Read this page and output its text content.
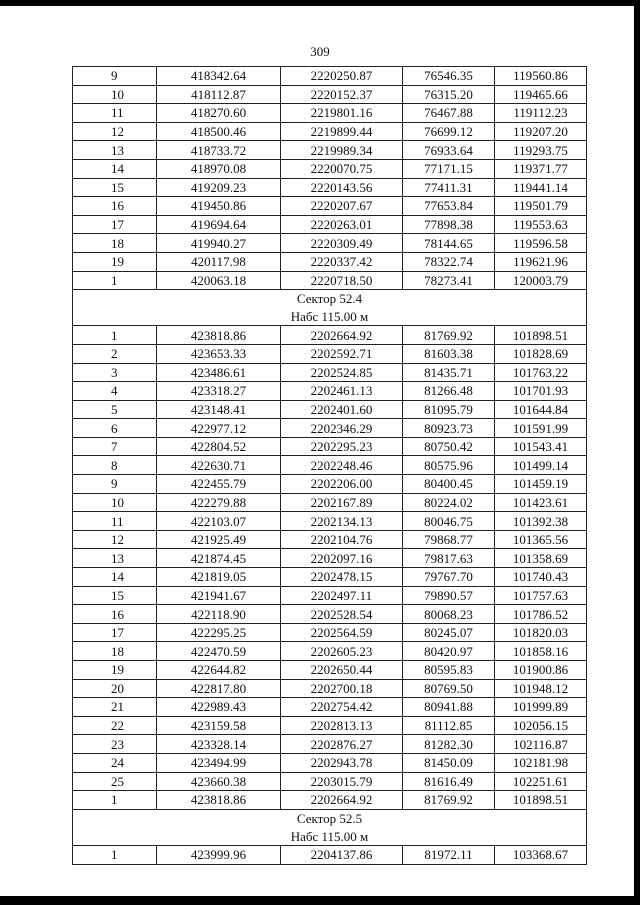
309
9	418342.64	2220250.87	76546.35	119560.86
10	418112.87	2220152.37	76315.20	119465.66
11	418270.60	2219801.16	76467.88	119112.23
12	418500.46	2219899.44	76699.12	119207.20
13	418733.72	2219989.34	76933.64	119293.75
14	418970.08	2220070.75	77171.15	119371.77
15	419209.23	2220143.56	77411.31	119441.14
16	419450.86	2220207.67	77653.84	119501.79
17	419694.64	2220263.01	77898.38	119553.63
18	419940.27	2220309.49	78144.65	119596.58
19	420117.98	2220337.42	78322.74	119621.96
1	420063.18	2220718.50	78273.41	120003.79
Сектор 52.4				
Набс 115.00 м				
1	423818.86	2202664.92	81769.92	101898.51
2	423653.33	2202592.71	81603.38	101828.69
3	423486.61	2202524.85	81435.71	101763.22
4	423318.27	2202461.13	81266.48	101701.93
5	423148.41	2202401.60	81095.79	101644.84
6	422977.12	2202346.29	80923.73	101591.99
7	422804.52	2202295.23	80750.42	101543.41
8	422630.71	2202248.46	80575.96	101499.14
9	422455.79	2202206.00	80400.45	101459.19
10	422279.88	2202167.89	80224.02	101423.61
11	422103.07	2202134.13	80046.75	101392.38
12	421925.49	2202104.76	79868.77	101365.56
13	421874.45	2202097.16	79817.63	101358.69
14	421819.05	2202478.15	79767.70	101740.43
15	421941.67	2202497.11	79890.57	101757.63
16	422118.90	2202528.54	80068.23	101786.52
17	422295.25	2202564.59	80245.07	101820.03
18	422470.59	2202605.23	80420.97	101858.16
19	422644.82	2202650.44	80595.83	101900.86
20	422817.80	2202700.18	80769.50	101948.12
21	422989.43	2202754.42	80941.88	101999.89
22	423159.58	2202813.13	81112.85	102056.15
23	423328.14	2202876.27	81282.30	102116.87
24	423494.99	2202943.78	81450.09	102181.98
25	423660.38	2203015.79	81616.49	102251.61
1	423818.86	2202664.92	81769.92	101898.51
Сектор 52.5				
Набс 115.00 м				
1	423999.96	2204137.86	81972.11	103368.67
